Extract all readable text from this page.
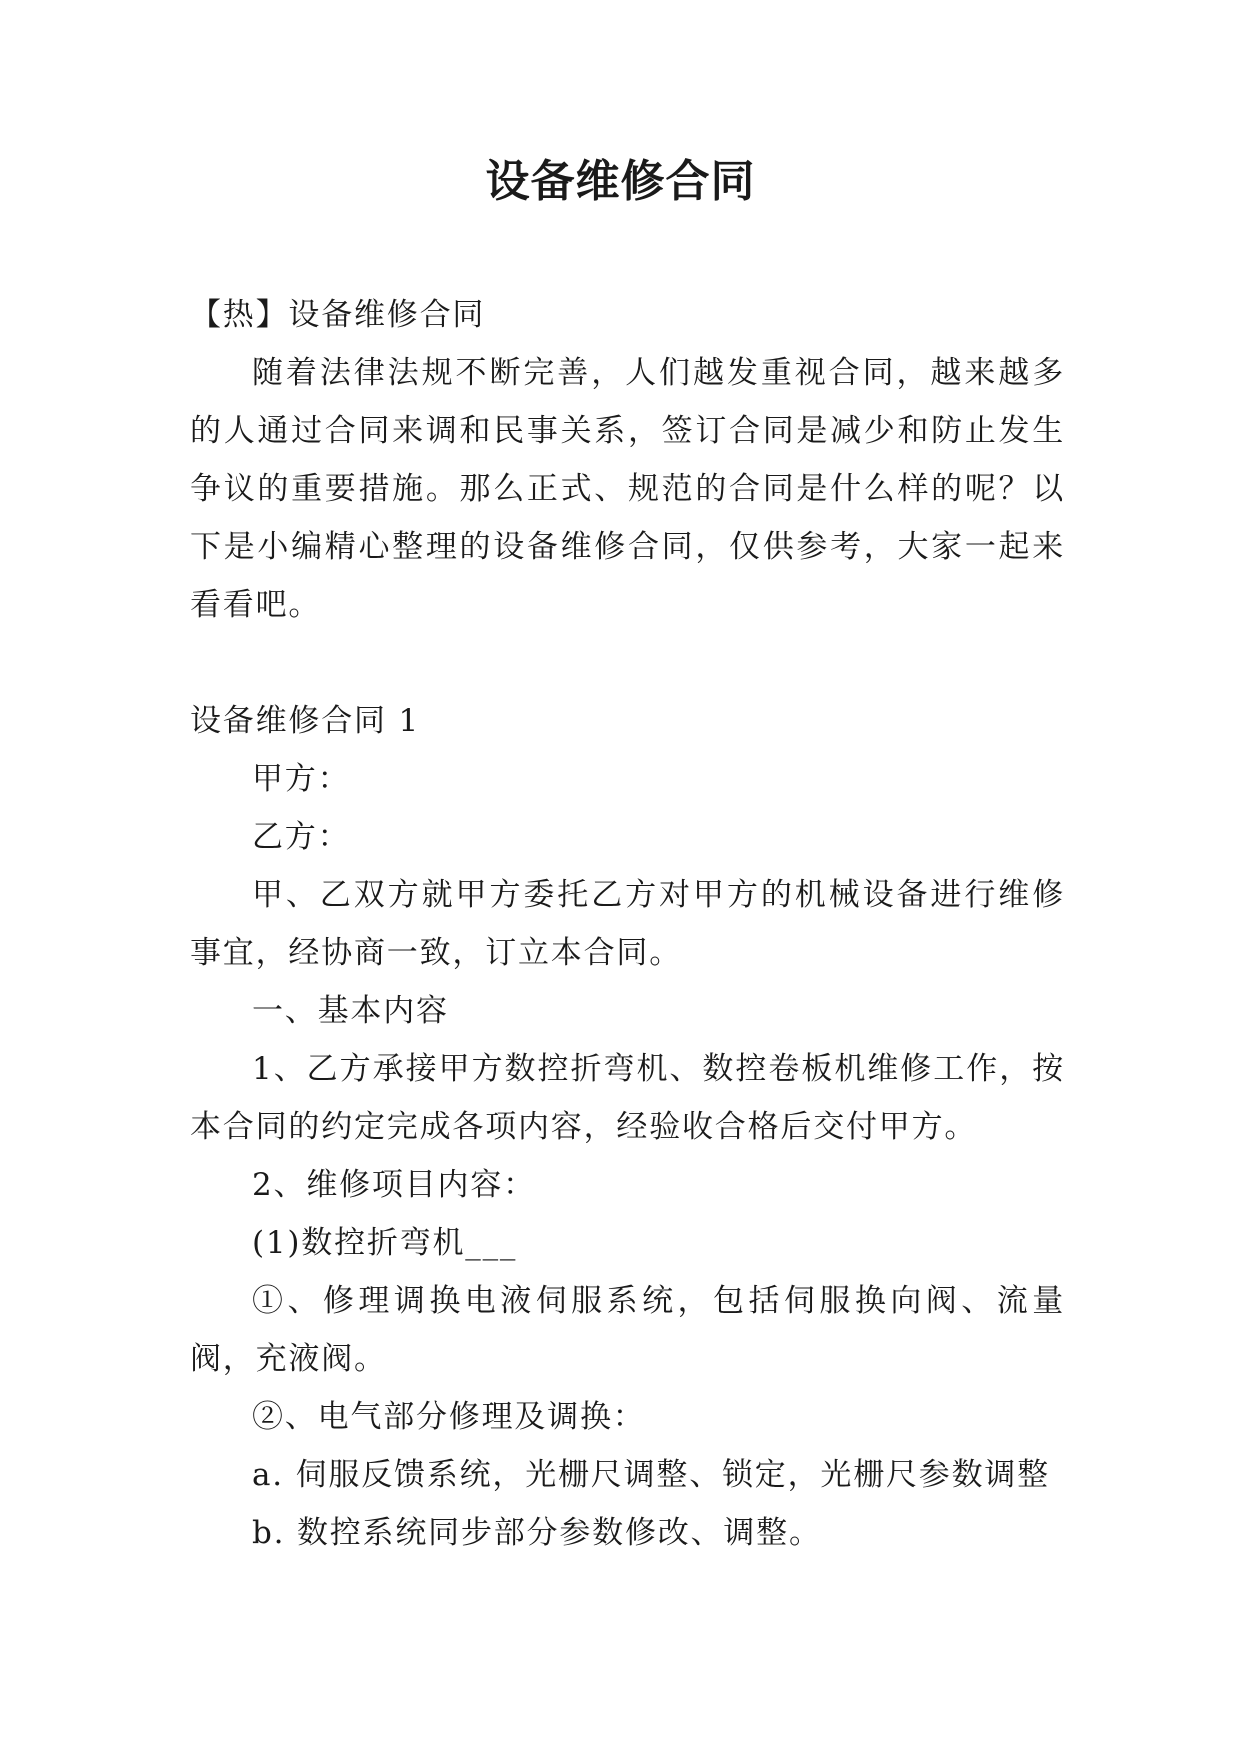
设备维修合同

【热】设备维修合同

随着法律法规不断完善，人们越发重视合同，越来越多的人通过合同来调和民事关系，签订合同是减少和防止发生争议的重要措施。那么正式、规范的合同是什么样的呢？以下是小编精心整理的设备维修合同，仅供参考，大家一起来看看吧。

设备维修合同 1

甲方：

乙方：

甲、乙双方就甲方委托乙方对甲方的机械设备进行维修事宜，经协商一致，订立本合同。

一、基本内容

1、乙方承接甲方数控折弯机、数控卷板机维修工作，按本合同的约定完成各项内容，经验收合格后交付甲方。

2、维修项目内容：

(1)数控折弯机___

①、修理调换电液伺服系统，包括伺服换向阀、流量阀，充液阀。

②、电气部分修理及调换：

a. 伺服反馈系统，光栅尺调整、锁定，光栅尺参数调整

b. 数控系统同步部分参数修改、调整。
